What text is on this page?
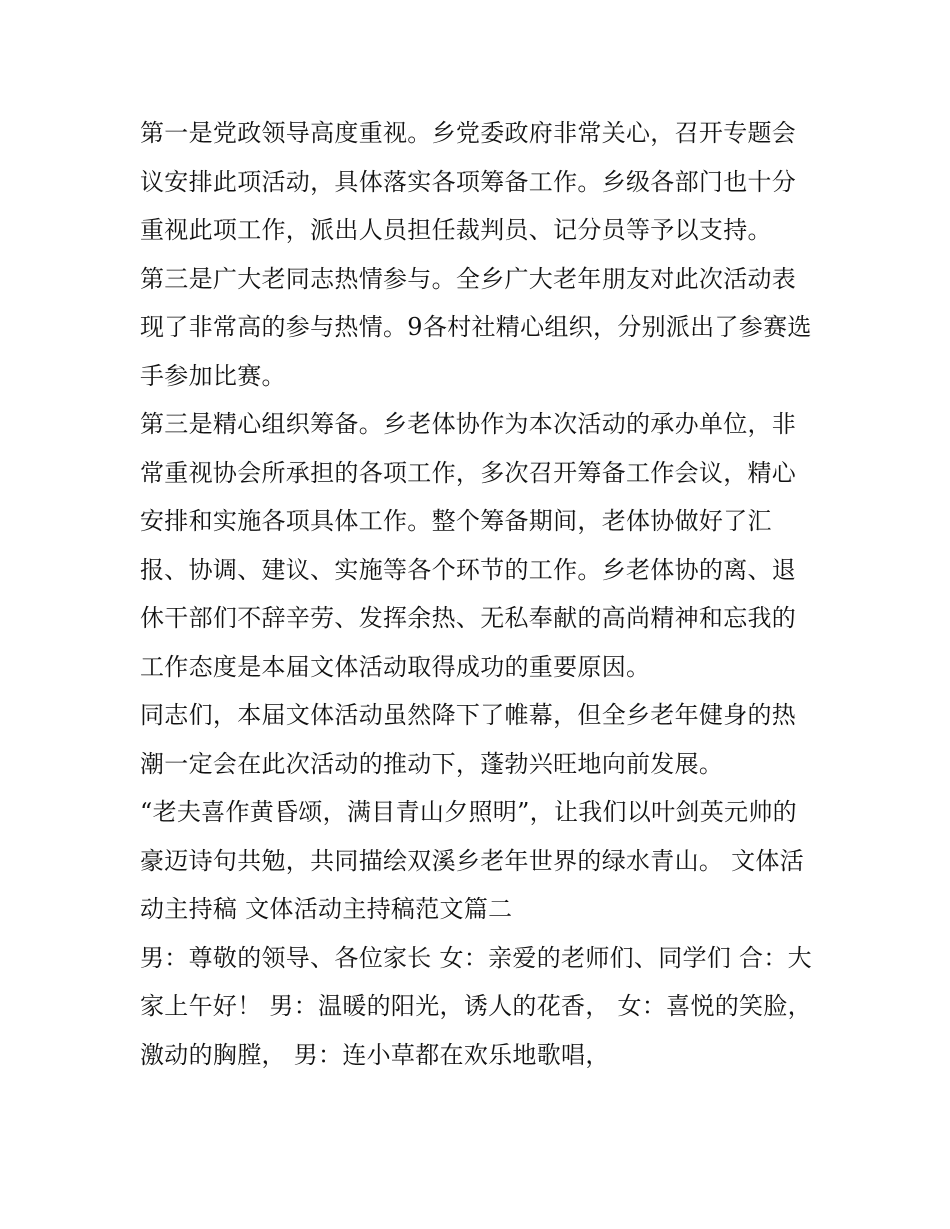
第一是党政领导高度重视。乡党委政府非常关心，召开专题会议安排此项活动，具体落实各项筹备工作。乡级各部门也十分重视此项工作，派出人员担任裁判员、记分员等予以支持。

第三是广大老同志热情参与。全乡广大老年朋友对此次活动表现了非常高的参与热情。9各村社精心组织，分别派出了参赛选手参加比赛。

第三是精心组织筹备。乡老体协作为本次活动的承办单位，非常重视协会所承担的各项工作，多次召开筹备工作会议，精心安排和实施各项具体工作。整个筹备期间，老体协做好了汇报、协调、建议、实施等各个环节的工作。乡老体协的离、退休干部们不辞辛劳、发挥余热、无私奉献的高尚精神和忘我的工作态度是本届文体活动取得成功的重要原因。

同志们，本届文体活动虽然降下了帷幕，但全乡老年健身的热潮一定会在此次活动的推动下，蓬勃兴旺地向前发展。

“老夫喜作黄昏颂，满目青山夕照明”，让我们以叶剑英元帅的豪迈诗句共勉，共同描绘双溪乡老年世界的绿水青山。 文体活动主持稿 文体活动主持稿范文篇二

男：尊敬的领导、各位家长 女：亲爱的老师们、同学们 合：大家上午好！ 男：温暖的阳光，诱人的花香， 女：喜悦的笑脸，激动的胸膛， 男：连小草都在欢乐地歌唱，
